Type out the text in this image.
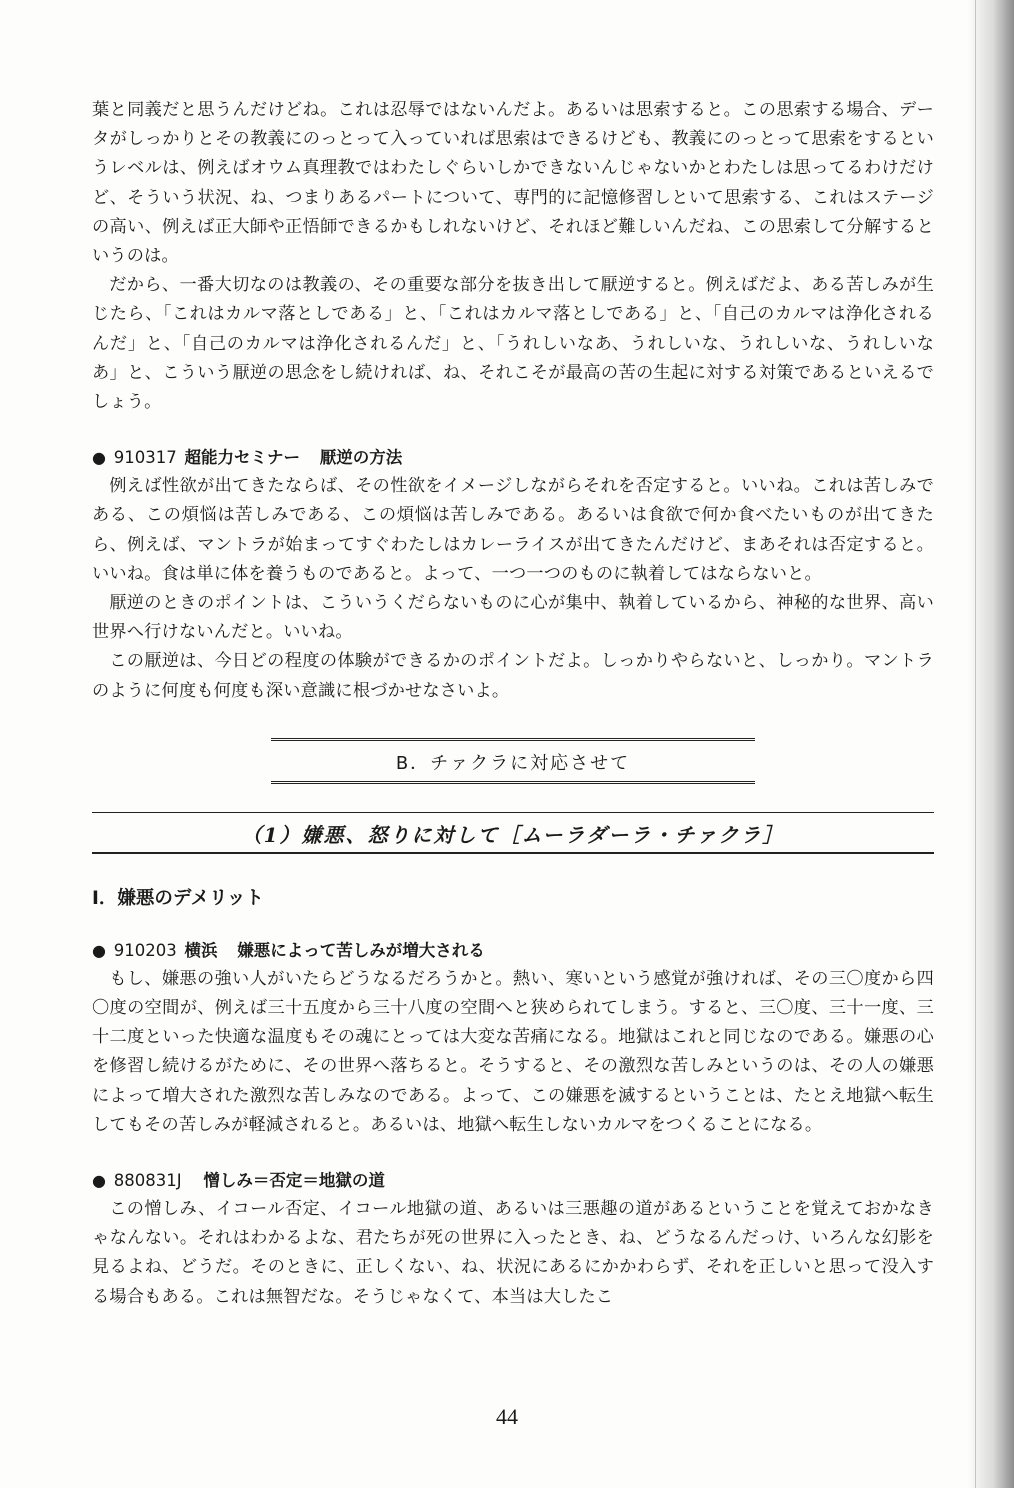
葉と同義だと思うんだけどね。これは忍辱ではないんだよ。あるいは思索すると。この思索する場合、データがしっかりとその教義にのっとって入っていれば思索はできるけども、教義にのっとって思索をするというレベルは、例えばオウム真理教ではわたしぐらいしかできないんじゃないかとわたしは思ってるわけだけど、そういう状況、ね、つまりあるパートについて、専門的に記憶修習しといて思索する、これはステージの高い、例えば正大師や正悟師できるかもしれないけど、それほど難しいんだね、この思索して分解するというのは。

だから、一番大切なのは教義の、その重要な部分を抜き出して厭逆すると。例えばだよ、ある苦しみが生じたら、「これはカルマ落としである」と、「これはカルマ落としである」と、「自己のカルマは浄化されるんだ」と、「自己のカルマは浄化されるんだ」と、「うれしいなあ、うれしいな、うれしいな、うれしいなあ」と、こういう厭逆の思念をし続ければ、ね、それこそが最高の苦の生起に対する対策であるといえるでしょう。

● 910317 超能力セミナー 厭逆の方法

例えば性欲が出てきたならば、その性欲をイメージしながらそれを否定すると。いいね。これは苦しみである、この煩悩は苦しみである、この煩悩は苦しみである。あるいは食欲で何か食べたいものが出てきたら、例えば、マントラが始まってすぐわたしはカレーライスが出てきたんだけど、まあそれは否定すると。いいね。食は単に体を養うものであると。よって、一つ一つのものに執着してはならないと。

厭逆のときのポイントは、こういうくだらないものに心が集中、執着しているから、神秘的な世界、高い世界へ行けないんだと。いいね。

この厭逆は、今日どの程度の体験ができるかのポイントだよ。しっかりやらないと、しっかり。マントラのように何度も何度も深い意識に根づかせなさいよ。

B．チァクラに対応させて
（1）嫌悪、怒りに対して［ムーラダーラ・チァクラ］
Ⅰ．嫌悪のデメリット
● 910203 横浜 嫌悪によって苦しみが増大される

もし、嫌悪の強い人がいたらどうなるだろうかと。熱い、寒いという感覚が強ければ、その三〇度から四〇度の空間が、例えば三十五度から三十八度の空間へと狭められてしまう。すると、三〇度、三十一度、三十二度といった快適な温度もその魂にとっては大変な苦痛になる。地獄はこれと同じなのである。嫌悪の心を修習し続けるがために、その世界へ落ちると。そうすると、その激烈な苦しみというのは、その人の嫌悪によって増大された激烈な苦しみなのである。よって、この嫌悪を滅するということは、たとえ地獄へ転生してもその苦しみが軽減されると。あるいは、地獄へ転生しないカルマをつくることになる。

● 880831J 憎しみ＝否定＝地獄の道

この憎しみ、イコール否定、イコール地獄の道、あるいは三悪趣の道があるということを覚えておかなきゃなんない。それはわかるよな、君たちが死の世界に入ったとき、ね、どうなるんだっけ、いろんな幻影を見るよね、どうだ。そのときに、正しくない、ね、状況にあるにかかわらず、それを正しいと思って没入する場合もある。これは無智だな。そうじゃなくて、本当は大したこ

44
